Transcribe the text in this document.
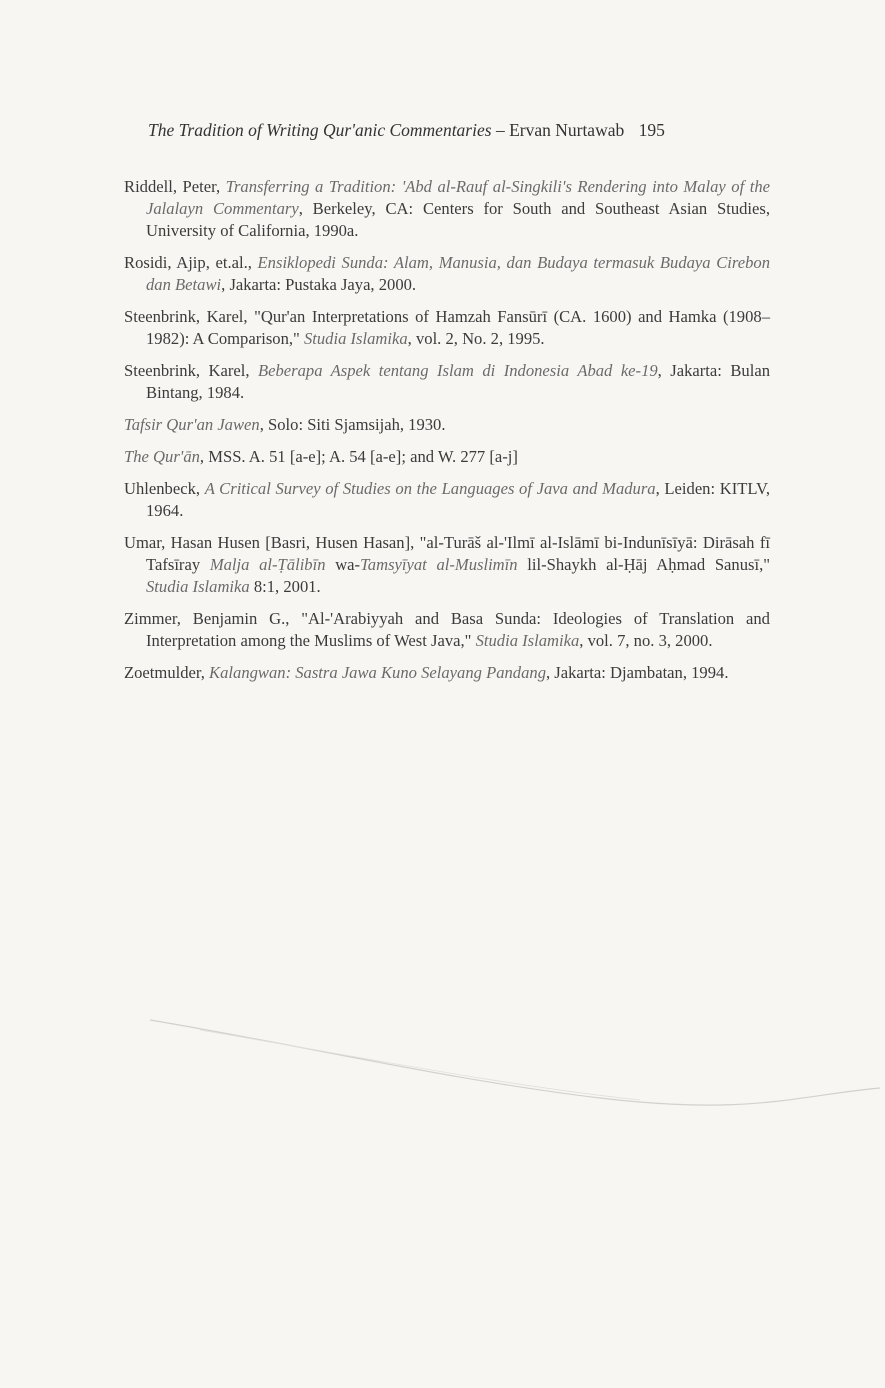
The Tradition of Writing Qur'anic Commentaries – Ervan Nurtawab 195

Riddell, Peter, Transferring a Tradition: 'Abd al-Rauf al-Singkili's Rendering into Malay of the Jalalayn Commentary, Berkeley, CA: Centers for South and Southeast Asian Studies, University of California, 1990a.

Rosidi, Ajip, et.al., Ensiklopedi Sunda: Alam, Manusia, dan Budaya termasuk Budaya Cirebon dan Betawi, Jakarta: Pustaka Jaya, 2000.

Steenbrink, Karel, "Qur'an Interpretations of Hamzah Fansūrī (CA. 1600) and Hamka (1908–1982): A Comparison," Studia Islamika, vol. 2, No. 2, 1995.

Steenbrink, Karel, Beberapa Aspek tentang Islam di Indonesia Abad ke-19, Jakarta: Bulan Bintang, 1984.

Tafsir Qur'an Jawen, Solo: Siti Sjamsijah, 1930.

The Qur'ān, MSS. A. 51 [a-e]; A. 54 [a-e]; and W. 277 [a-j]

Uhlenbeck, A Critical Survey of Studies on the Languages of Java and Madura, Leiden: KITLV, 1964.

Umar, Hasan Husen [Basri, Husen Hasan], "al-Turāš al-'Ilmī al-Islāmī bi-Indunīsīyā: Dirāsah fī Tafsīray Malja al-Ṭālibīn wa-Tamsyīyat al-Muslimīn lil-Shaykh al-Ḥāj Aḥmad Sanusī," Studia Islamika 8:1, 2001.

Zimmer, Benjamin G., "Al-'Arabiyyah and Basa Sunda: Ideologies of Translation and Interpretation among the Muslims of West Java," Studia Islamika, vol. 7, no. 3, 2000.

Zoetmulder, Kalangwan: Sastra Jawa Kuno Selayang Pandang, Jakarta: Djambatan, 1994.
